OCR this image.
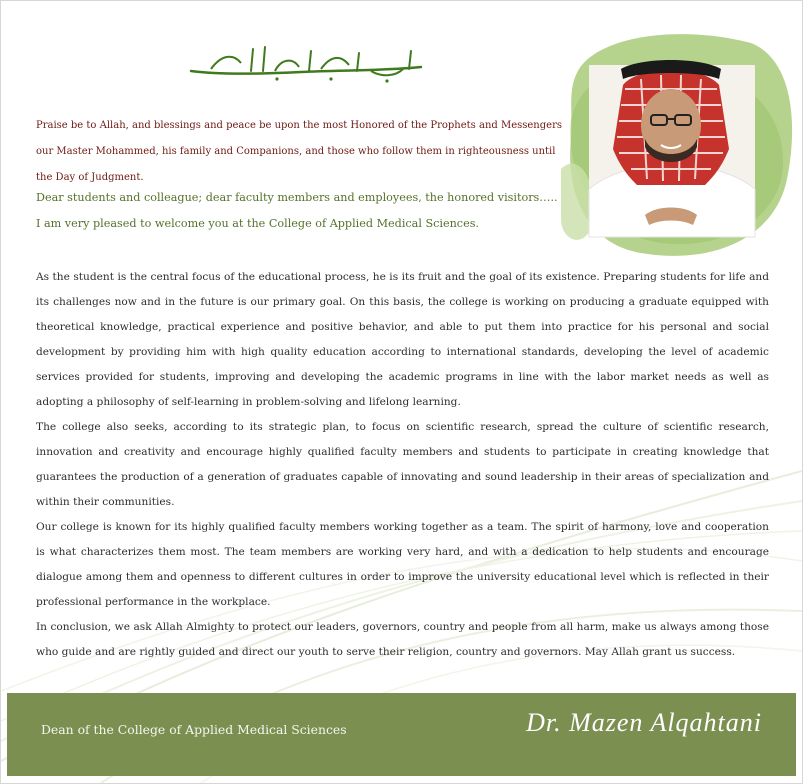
Praise be to Allah, and blessings and peace be upon the most Honored of the Prophets and Messengers our Master Mohammed, his family and Companions, and those who follow them in righteousness until the Day of Judgment.
Dear students and colleague; dear faculty members and employees, the honored visitors….. I am very pleased to welcome you at the College of Applied Medical Sciences.

As the student is the central focus of the educational process, he is its fruit and the goal of its existence. Preparing students for life and its challenges now and in the future is our primary goal. On this basis, the college is working on producing a graduate equipped with theoretical knowledge, practical experience and positive behavior, and able to put them into practice for his personal and social development by providing him with high quality education according to international standards, developing the level of academic services provided for students, improving and developing the academic programs in line with the labor market needs as well as adopting a philosophy of self-learning in problem-solving and lifelong learning.

The college also seeks, according to its strategic plan, to focus on scientific research, spread the culture of scientific research, innovation and creativity and encourage highly qualified faculty members and students to participate in creating knowledge that guarantees the production of a generation of graduates capable of innovating and sound leadership in their areas of specialization and within their communities.

Our college is known for its highly qualified faculty members working together as a team. The spirit of harmony, love and cooperation is what characterizes them most. The team members are working very hard, and with a dedication to help students and encourage dialogue among them and openness to different cultures in order to improve the university educational level which is reflected in their professional performance in the workplace.

In conclusion, we ask Allah Almighty to protect our leaders, governors, country and people from all harm, make us always among those who guide and are rightly guided and direct our youth to serve their religion, country and governors. May Allah grant us success.

Dean of the College of Applied Medical Sciences	Dr. Mazen Alqahtani
